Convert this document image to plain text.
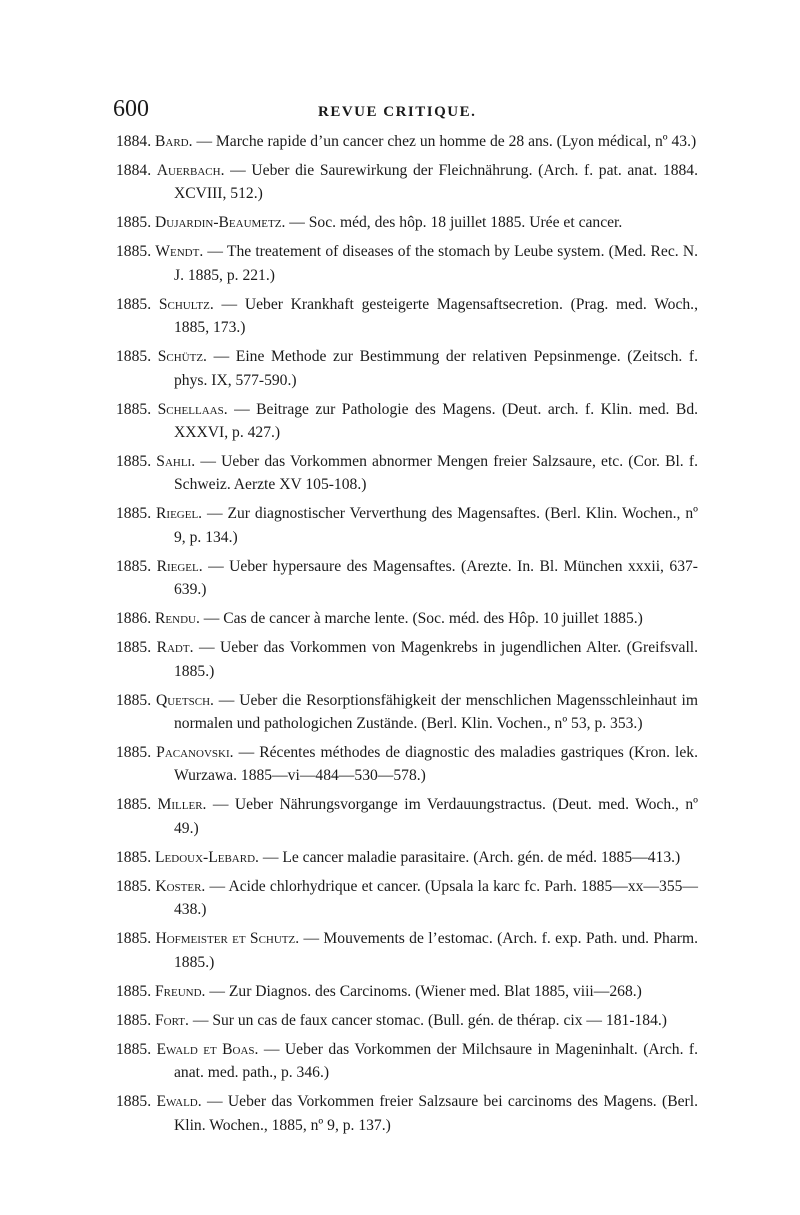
600	REVUE CRITIQUE.

1884. Bard. — Marche rapide d’un cancer chez un homme de 28 ans. (Lyon médical, nº 43.)

1884. Auerbach. — Ueber die Saurewirkung der Fleichnährung. (Arch. f. pat. anat. 1884. XCVIII, 512.)

1885. Dujardin-Beaumetz. — Soc. méd, des hôp. 18 juillet 1885. Urée et cancer.

1885. Wendt. — The treatement of diseases of the stomach by Leube system. (Med. Rec. N. J. 1885, p. 221.)

1885. Schultz. — Ueber Krankhaft gesteigerte Magensaftsecretion. (Prag. med. Woch., 1885, 173.)

1885. Schütz. — Eine Methode zur Bestimmung der relativen Pepsinmenge. (Zeitsch. f. phys. IX, 577-590.)

1885. Schellaas. — Beitrage zur Pathologie des Magens. (Deut. arch. f. Klin. med. Bd. XXXVI, p. 427.)

1885. Sahli. — Ueber das Vorkommen abnormer Mengen freier Salzsaure, etc. (Cor. Bl. f. Schweiz. Aerzte XV 105-108.)

1885. Riegel. — Zur diagnostischer Ververthung des Magensaftes. (Berl. Klin. Wochen., nº 9, p. 134.)

1885. Riegel. — Ueber hypersaure des Magensaftes. (Arezte. In. Bl. München xxxii, 637-639.)

1886. Rendu. — Cas de cancer à marche lente. (Soc. méd. des Hôp. 10 juillet 1885.)

1885. Radt. — Ueber das Vorkommen von Magenkrebs in jugendlichen Alter. (Greifsvall. 1885.)

1885. Quetsch. — Ueber die Resorptionsfähigkeit der menschlichen Magensschleinhaut im normalen und pathologichen Zustände. (Berl. Klin. Vochen., nº 53, p. 353.)

1885. Pacanovski. — Récentes méthodes de diagnostic des maladies gastriques (Kron. lek. Wurzawa. 1885—vi—484—530—578.)

1885. Miller. — Ueber Nährungsvorgange im Verdauungstractus. (Deut. med. Woch., nº 49.)

1885. Ledoux-Lebard. — Le cancer maladie parasitaire. (Arch. gén. de méd. 1885—413.)

1885. Koster. — Acide chlorhydrique et cancer. (Upsala la karc fc. Parh. 1885—xx—355—438.)

1885. Hofmeister et Schutz. — Mouvements de l’estomac. (Arch. f. exp. Path. und. Pharm. 1885.)

1885. Freund. — Zur Diagnos. des Carcinoms. (Wiener med. Blat 1885, viii—268.)

1885. Fort. — Sur un cas de faux cancer stomac. (Bull. gén. de thérap. cix — 181-184.)

1885. Ewald et Boas. — Ueber das Vorkommen der Milchsaure in Mageninhalt. (Arch. f. anat. med. path., p. 346.)

1885. Ewald. — Ueber das Vorkommen freier Salzsaure bei carcinoms des Magens. (Berl. Klin. Wochen., 1885, nº 9, p. 137.)
